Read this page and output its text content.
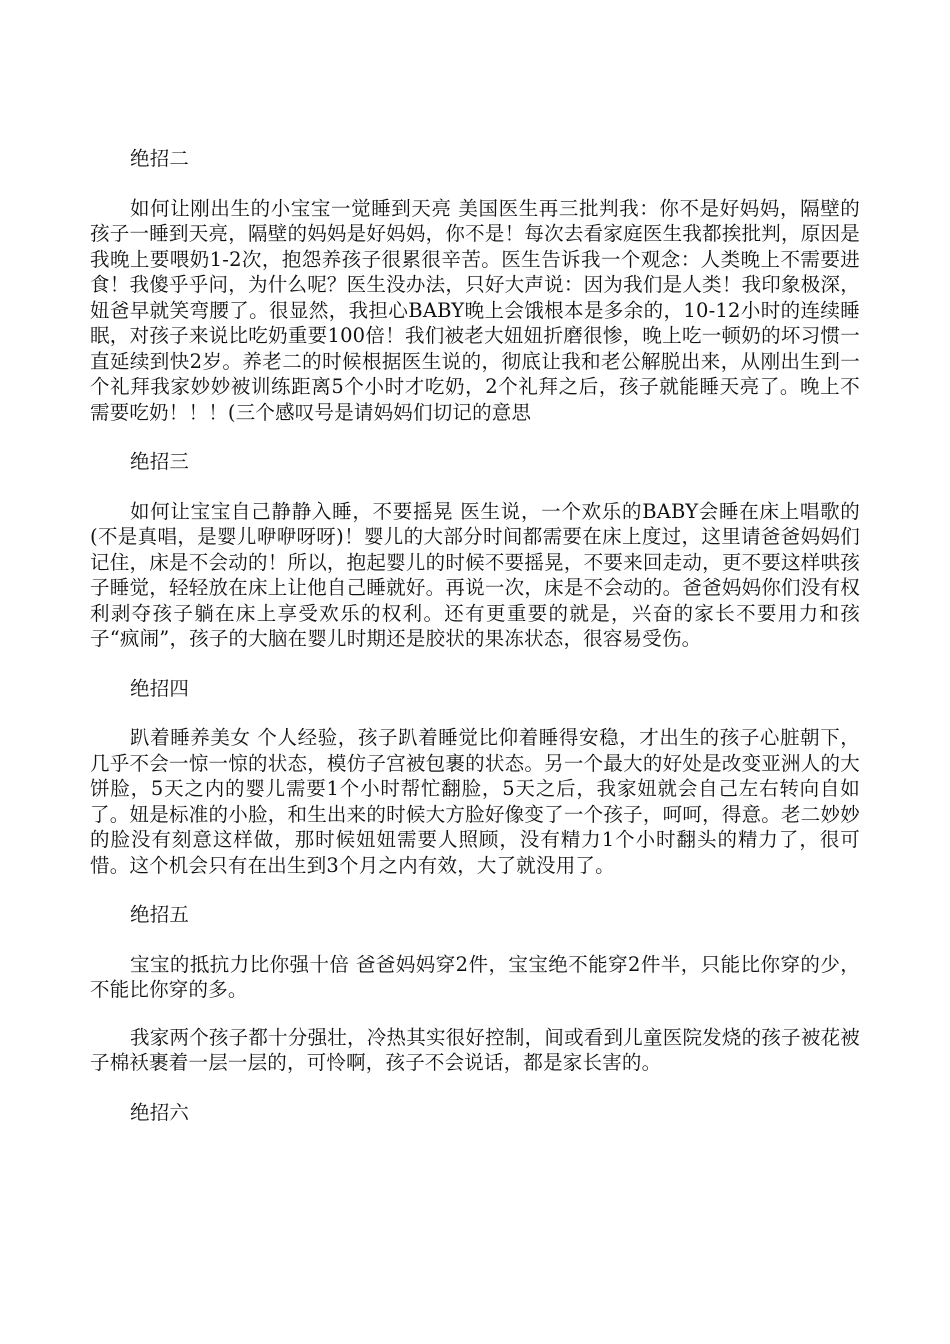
绝招二
如何让刚出生的小宝宝一觉睡到天亮 美国医生再三批判我：你不是好妈妈，隔壁的孩子一睡到天亮，隔壁的妈妈是好妈妈，你不是！每次去看家庭医生我都挨批判，原因是我晚上要喂奶1-2次，抱怨养孩子很累很辛苦。医生告诉我一个观念：人类晚上不需要进食！我傻乎乎问，为什么呢？医生没办法，只好大声说：因为我们是人类！我印象极深，妞爸早就笑弯腰了。很显然，我担心BABY晚上会饿根本是多余的，10-12小时的连续睡眠，对孩子来说比吃奶重要100倍！我们被老大妞妞折磨很惨，晚上吃一顿奶的坏习惯一直延续到快2岁。养老二的时候根据医生说的，彻底让我和老公解脱出来，从刚出生到一个礼拜我家妙妙被训练距离5个小时才吃奶，2个礼拜之后，孩子就能睡天亮了。晚上不需要吃奶！！！(三个感叹号是请妈妈们切记的意思
绝招三
如何让宝宝自己静静入睡，不要摇晃 医生说，一个欢乐的BABY会睡在床上唱歌的(不是真唱，是婴儿咿咿呀呀)！婴儿的大部分时间都需要在床上度过，这里请爸爸妈妈们记住，床是不会动的！所以，抱起婴儿的时候不要摇晃，不要来回走动，更不要这样哄孩子睡觉，轻轻放在床上让他自己睡就好。再说一次，床是不会动的。爸爸妈妈你们没有权利剥夺孩子躺在床上享受欢乐的权利。还有更重要的就是，兴奋的家长不要用力和孩子“疯闹”，孩子的大脑在婴儿时期还是胶状的果冻状态，很容易受伤。
绝招四
趴着睡养美女 个人经验，孩子趴着睡觉比仰着睡得安稳，才出生的孩子心脏朝下，几乎不会一惊一惊的状态，模仿子宫被包裹的状态。另一个最大的好处是改变亚洲人的大饼脸，5天之内的婴儿需要1个小时帮忙翻脸，5天之后，我家妞就会自己左右转向自如了。妞是标准的小脸，和生出来的时候大方脸好像变了一个孩子，呵呵，得意。老二妙妙的脸没有刻意这样做，那时候妞妞需要人照顾，没有精力1个小时翻头的精力了，很可惜。这个机会只有在出生到3个月之内有效，大了就没用了。
绝招五
宝宝的抵抗力比你强十倍 爸爸妈妈穿2件，宝宝绝不能穿2件半，只能比你穿的少，不能比你穿的多。
我家两个孩子都十分强壮，冷热其实很好控制，间或看到儿童医院发烧的孩子被花被子棉袄裹着一层一层的，可怜啊，孩子不会说话，都是家长害的。
绝招六
